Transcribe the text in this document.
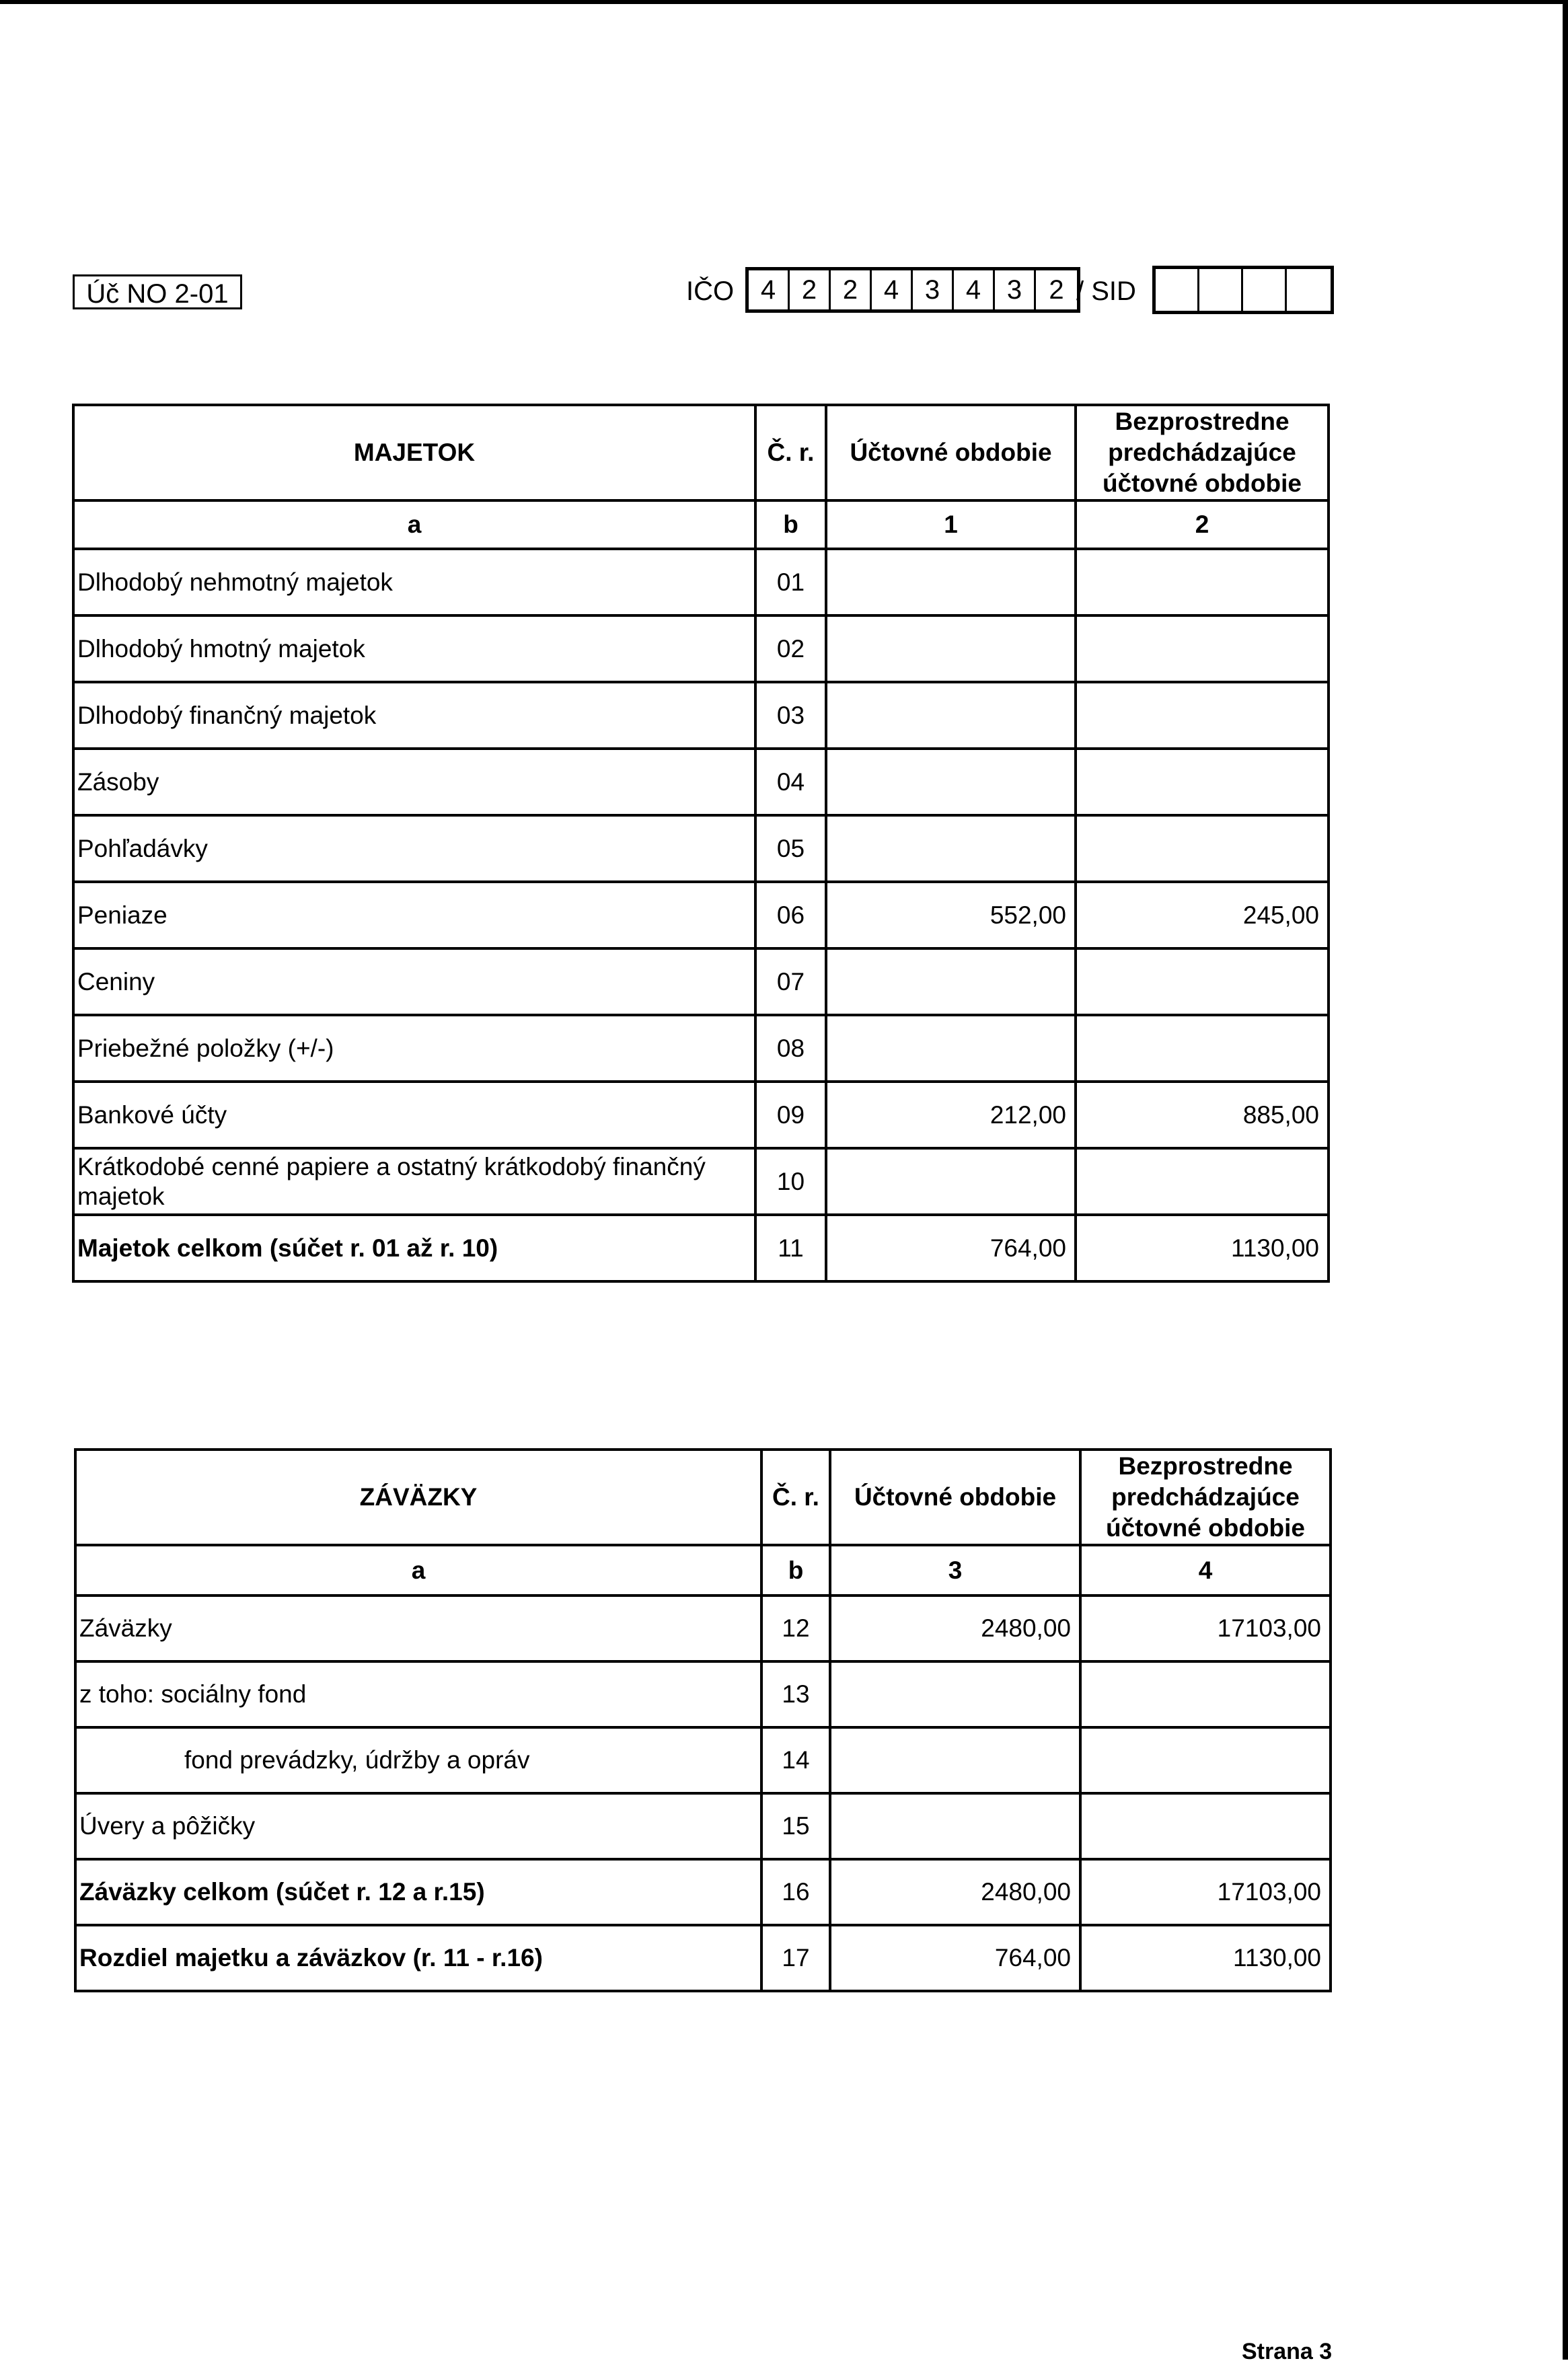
Úč NO 2-01	IČO 4 2 2 4 3 4 3	2 / SID
MAJETOK	Č. r.	Účtovné obdobie	Bezprostredne predchádzajúce účtovné obdobie
a	b	1	2
Dlhodobý nehmotný majetok	01		
Dlhodobý hmotný majetok	02		
Dlhodobý finančný majetok	03		
Zásoby	04		
Pohľadávky	05		
Peniaze	06	552,00	245,00
Ceniny	07		
Priebežné položky (+/-)	08		
Bankové účty	09	212,00	885,00
Krátkodobé cenné papiere a ostatný krátkodobý finančný majetok	10		
Majetok celkom (súčet r. 01 až r. 10)	11	764,00	1130,00
ZÁVÄZKY	Č. r.	Účtovné obdobie	Bezprostredne predchádzajúce účtovné obdobie
a	b	3	4
Záväzky	12	2480,00	17103,00
z toho: sociálny fond	13		
fond prevádzky, údržby a opráv	14		
Úvery a pôžičky	15		
Záväzky celkom (súčet r. 12 a r.15)	16	2480,00	17103,00
Rozdiel majetku a záväzkov (r. 11 - r.16)	17	764,00	1130,00
Strana 3
